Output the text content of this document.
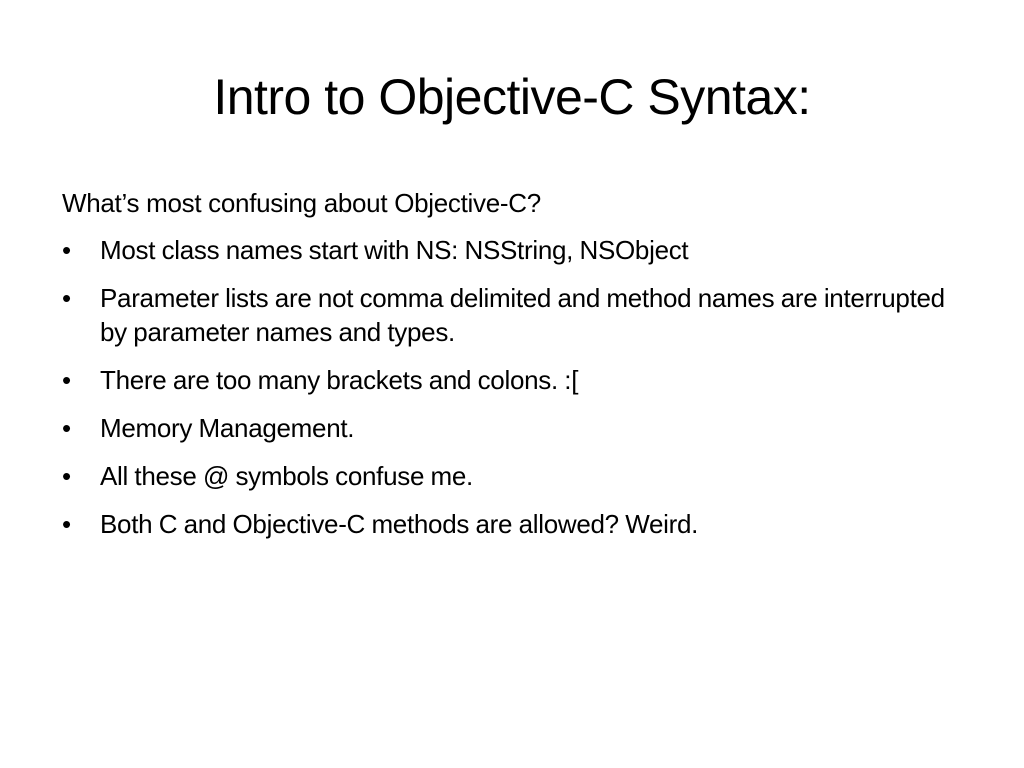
Intro to Objective-C Syntax:

What’s most confusing about Objective-C?

•	Most class names start with NS: NSString, NSObject
•	Parameter lists are not comma delimited and method names are interrupted by parameter names and types.
•	There are too many brackets and colons. :[
•	Memory Management.
•	All these @ symbols confuse me.
•	Both C and Objective-C methods are allowed? Weird.
